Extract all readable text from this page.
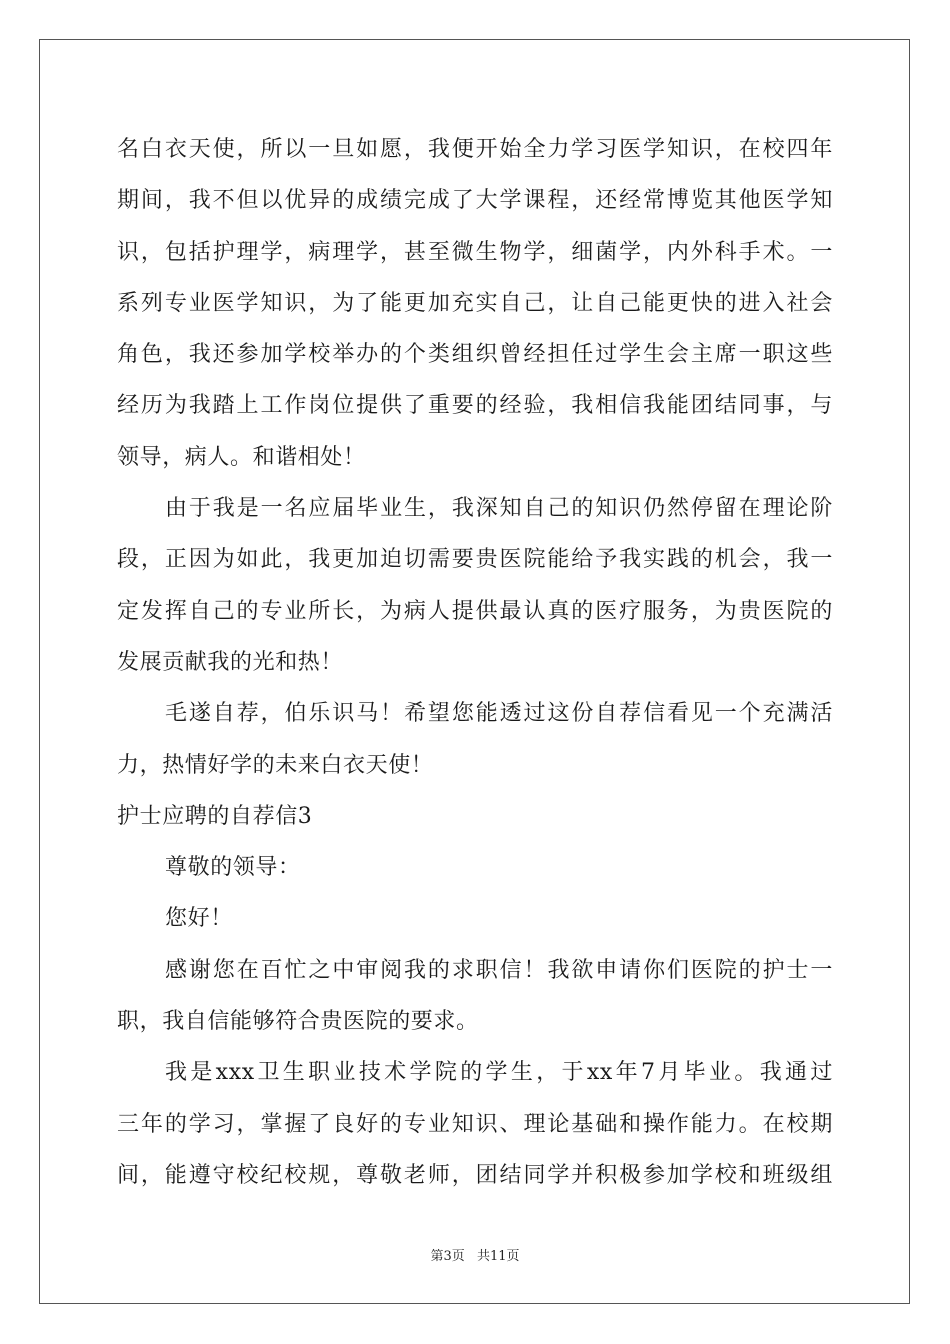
名白衣天使，所以一旦如愿，我便开始全力学习医学知识，在校四年
期间，我不但以优异的成绩完成了大学课程，还经常博览其他医学知
识，包括护理学，病理学，甚至微生物学，细菌学，内外科手术。一
系列专业医学知识，为了能更加充实自己，让自己能更快的进入社会
角色，我还参加学校举办的个类组织曾经担任过学生会主席一职这些
经历为我踏上工作岗位提供了重要的经验，我相信我能团结同事，与
领导，病人。和谐相处！
由于我是一名应届毕业生，我深知自己的知识仍然停留在理论阶
段，正因为如此，我更加迫切需要贵医院能给予我实践的机会，我一
定发挥自己的专业所长，为病人提供最认真的医疗服务，为贵医院的
发展贡献我的光和热！
毛遂自荐，伯乐识马！希望您能透过这份自荐信看见一个充满活
力，热情好学的未来白衣天使！
护士应聘的自荐信3
尊敬的领导：
您好！
感谢您在百忙之中审阅我的求职信！我欲申请你们医院的护士一
职，我自信能够符合贵医院的要求。
我是xxx卫生职业技术学院的学生，于xx年7月毕业。我通过
三年的学习，掌握了良好的专业知识、理论基础和操作能力。在校期
间，能遵守校纪校规，尊敬老师，团结同学并积极参加学校和班级组
第3页 共11页
